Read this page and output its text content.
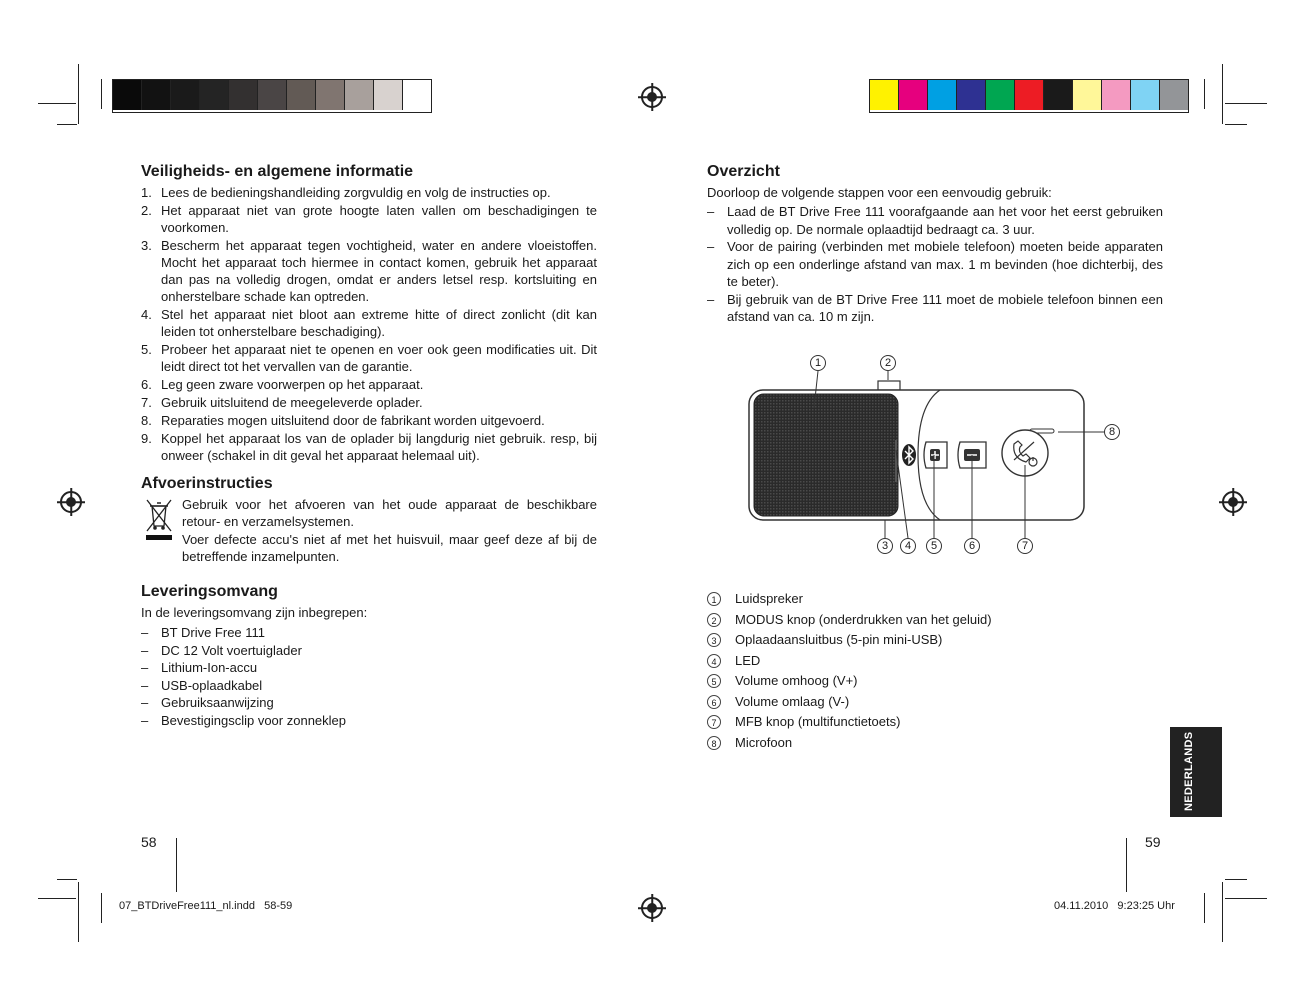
Veiligheids- en algemene informatie
1. Lees de bedieningshandleiding zorgvuldig en volg de instructies op.
2. Het apparaat niet van grote hoogte laten vallen om beschadigingen te voorkomen.
3. Bescherm het apparaat tegen vochtigheid, water en andere vloeistoffen. Mocht het apparaat toch hiermee in contact komen, gebruik het apparaat dan pas na volledig drogen, omdat er anders letsel resp. kortsluiting en onherstelbare schade kan optreden.
4. Stel het apparaat niet bloot aan extreme hitte of direct zonlicht (dit kan leiden tot onherstelbare beschadiging).
5. Probeer het apparaat niet te openen en voer ook geen modificaties uit. Dit leidt direct tot het vervallen van de garantie.
6. Leg geen zware voorwerpen op het apparaat.
7. Gebruik uitsluitend de meegeleverde oplader.
8. Reparaties mogen uitsluitend door de fabrikant worden uitgevoerd.
9. Koppel het apparaat los van de oplader bij langdurig niet gebruik. resp, bij onweer (schakel in dit geval het apparaat helemaal uit).
Afvoerinstructies
Gebruik voor het afvoeren van het oude apparaat de beschikbare retour- en verzamelsystemen.
Voer defecte accu's niet af met het huisvuil, maar geef deze af bij de betreffende inzamelpunten.
Leveringsomvang
In de leveringsomvang zijn inbegrepen:
– BT Drive Free 111
– DC 12 Volt voertuiglader
– Lithium-Ion-accu
– USB-oplaadkabel
– Gebruiksaanwijzing
– Bevestigingsclip voor zonneklep
58
Overzicht
Doorloop de volgende stappen voor een eenvoudig gebruik:
– Laad de BT Drive Free 111 voorafgaande aan het voor het eerst gebruiken volledig op. De normale oplaadtijd bedraagt ca. 3 uur.
– Voor de pairing (verbinden met mobiele telefoon) moeten beide apparaten zich op een onderlinge afstand van max. 1 m bevinden (hoe dichterbij, des te beter).
– Bij gebruik van de BT Drive Free 111 moet de mobiele telefoon binnen een afstand van ca. 10 m zijn.
1	2
3	4	5	6	7
8
1	Luidspreker
2	MODUS knop (onderdrukken van het geluid)
3	Oplaadaansluitbus (5-pin mini-USB)
4	LED
5	Volume omhoog (V+)
6	Volume omlaag (V-)
7	MFB knop (multifunctietoets)
8	Microfoon	NEDERLANDS
59
07_BTDriveFree111_nl.indd   58-59	04.11.2010   9:23:25 Uhr
